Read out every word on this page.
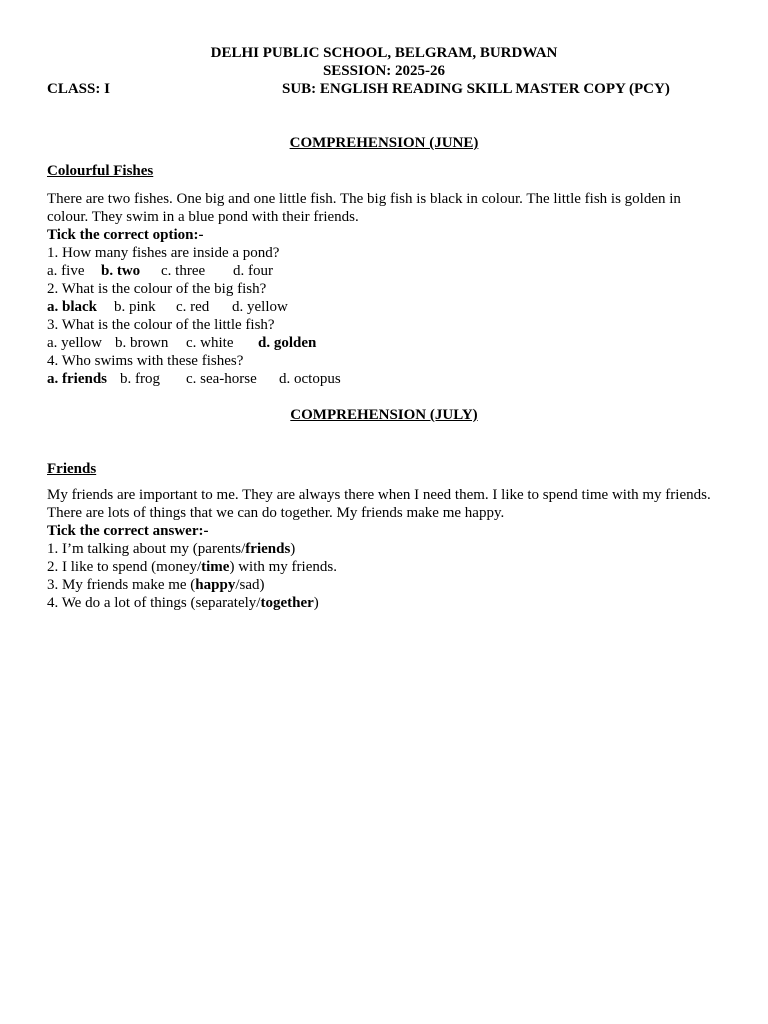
DELHI PUBLIC SCHOOL, BELGRAM, BURDWAN
SESSION: 2025-26
CLASS: I	SUB: ENGLISH READING SKILL MASTER COPY (PCY)
COMPREHENSION (JUNE)
Colourful Fishes
There are two fishes. One big and one little fish. The big fish is black in colour. The little fish is golden in colour. They swim in a blue pond with their friends.
Tick the correct option:-
1. How many fishes are inside a pond?
a. five b. two c. three d. four
2. What is the colour of the big fish?
a. black b. pink c. red d. yellow
3. What is the colour of the little fish?
a. yellow b. brown c. white d. golden
4. Who swims with these fishes?
a. friends b. frog c. sea-horse d. octopus
COMPREHENSION (JULY)
Friends
My friends are important to me. They are always there when I need them. I like to spend time with my friends. There are lots of things that we can do together. My friends make me happy.
Tick the correct answer:-
1. I’m talking about my (parents/friends)
2. I like to spend (money/time) with my friends.
3. My friends make me (happy/sad)
4. We do a lot of things (separately/together)
